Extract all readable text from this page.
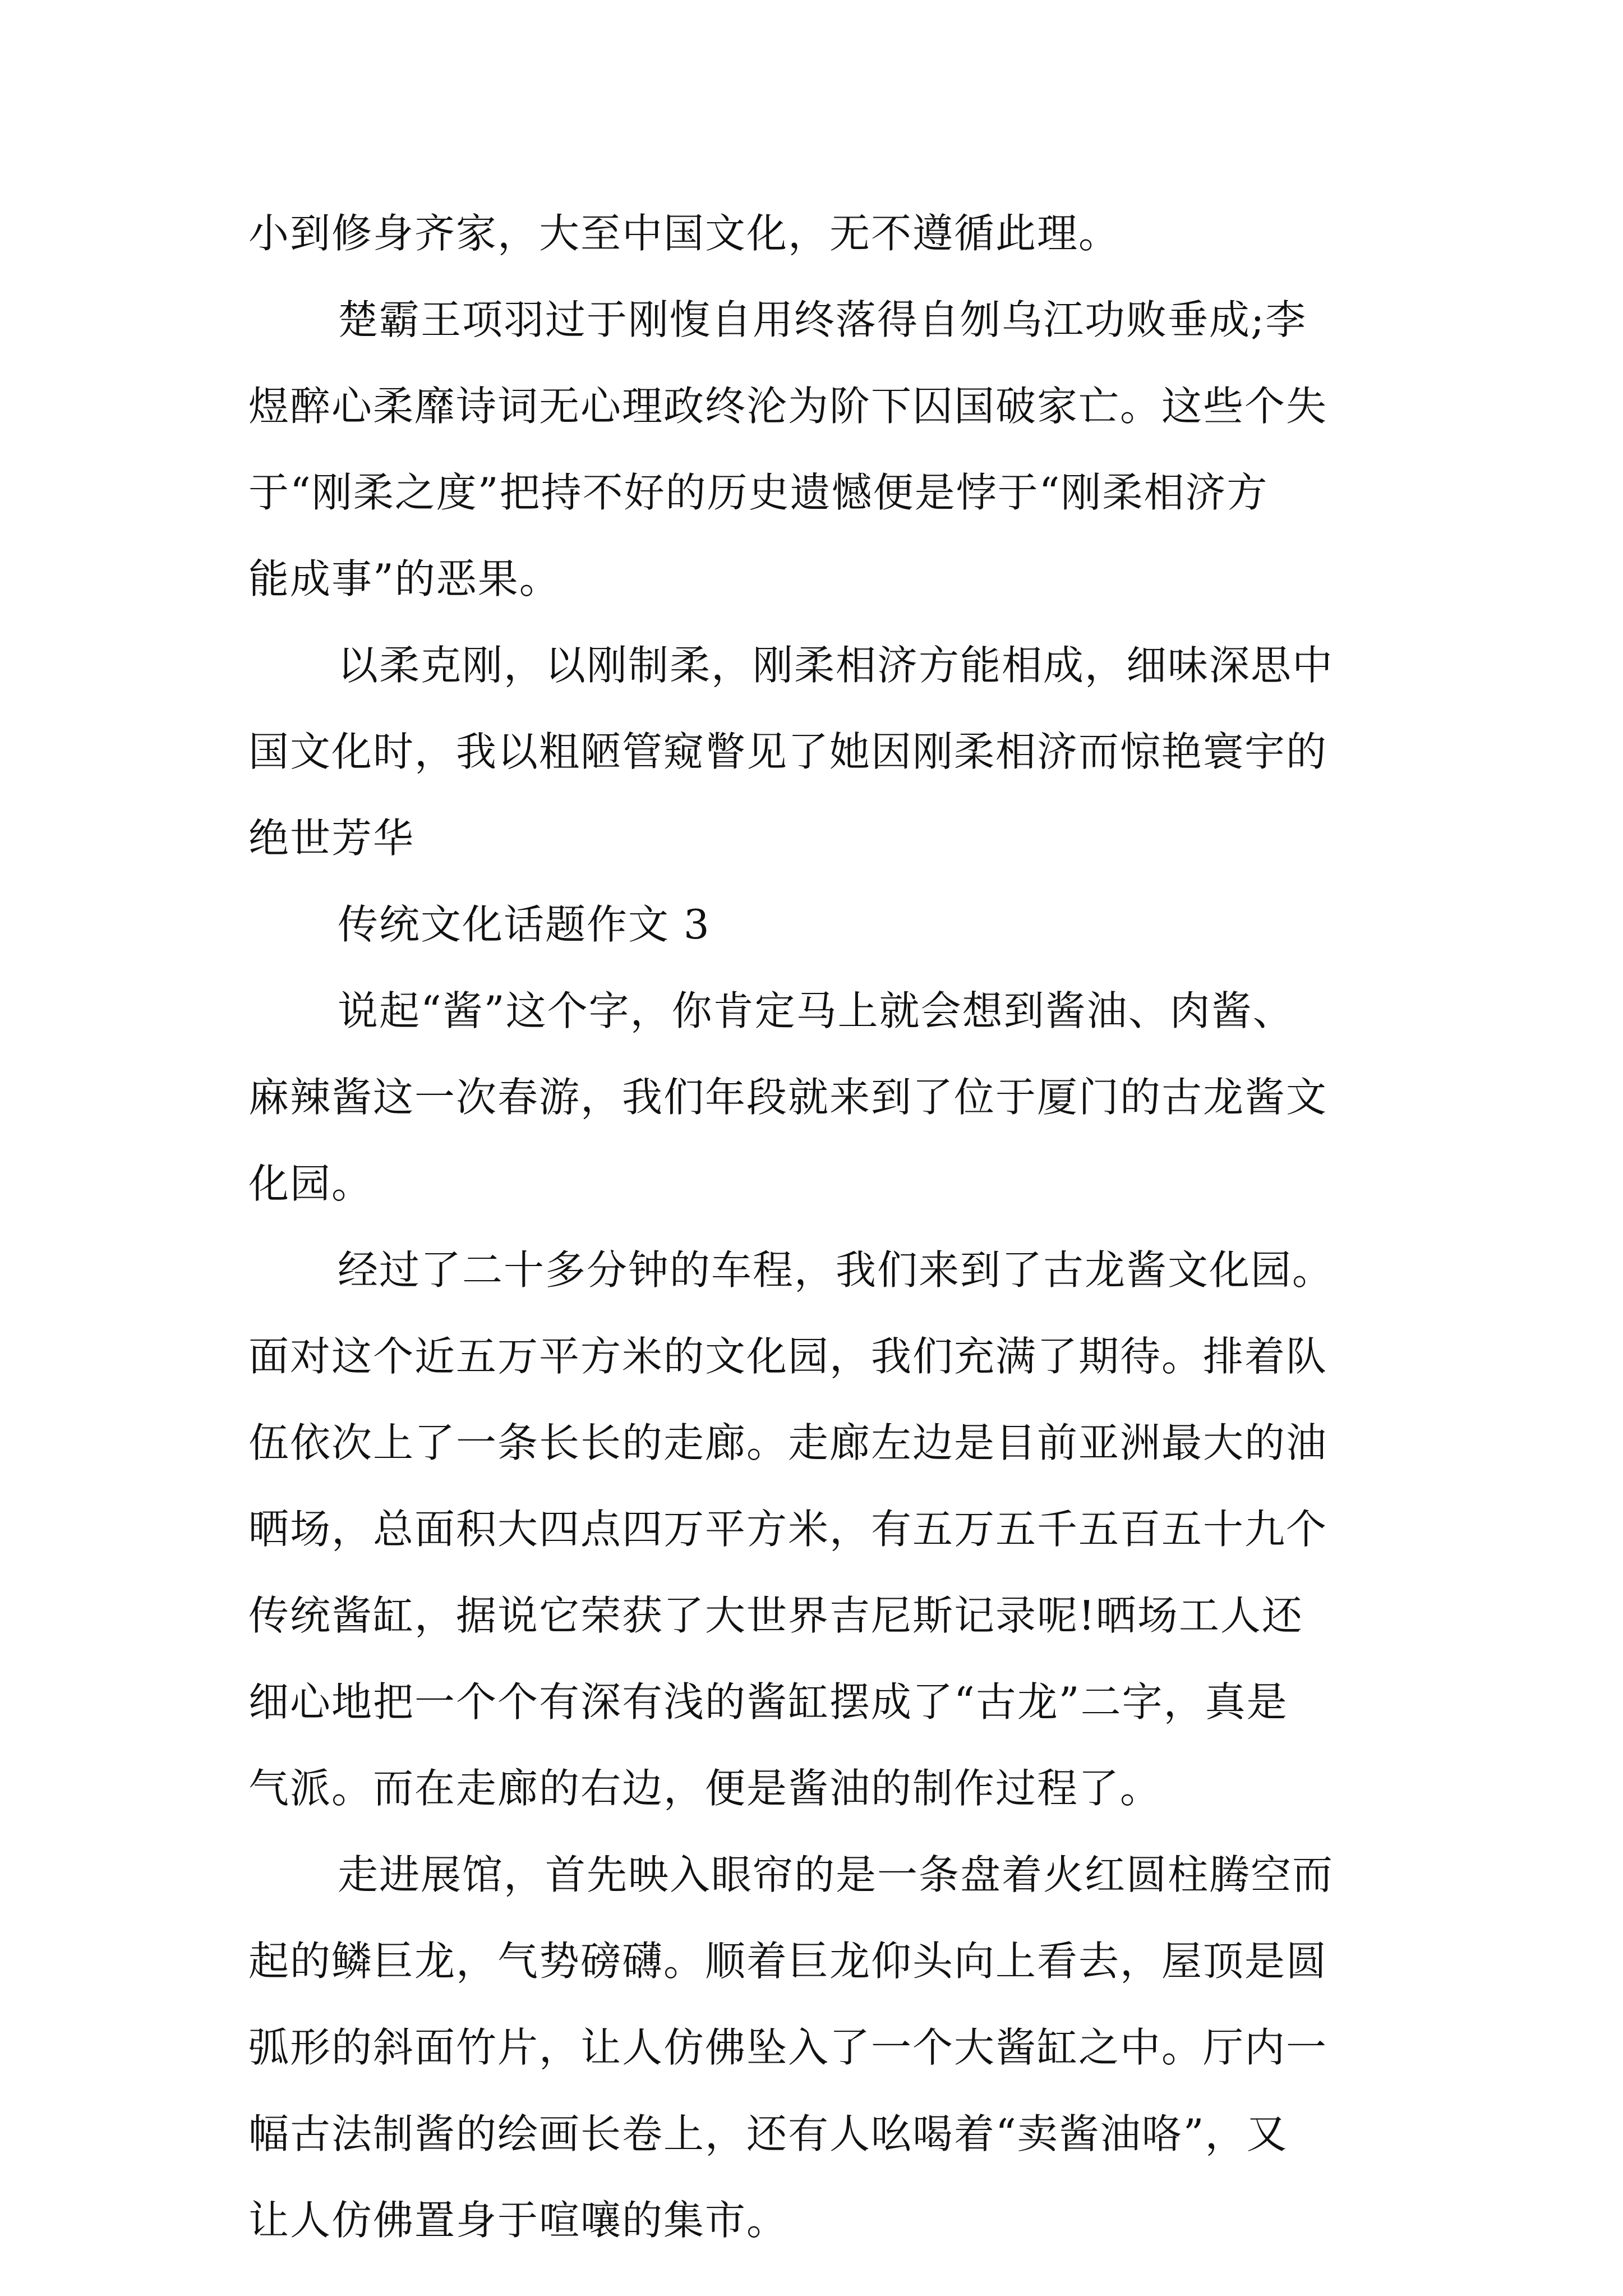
小到修身齐家，大至中国文化，无不遵循此理。
楚霸王项羽过于刚愎自用终落得自刎乌江功败垂成;李
煜醉心柔靡诗词无心理政终沦为阶下囚国破家亡。这些个失
于“刚柔之度”把持不好的历史遗憾便是悖于“刚柔相济方
能成事”的恶果。
以柔克刚，以刚制柔，刚柔相济方能相成，细味深思中
国文化时，我以粗陋管窥瞥见了她因刚柔相济而惊艳寰宇的
绝世芳华
传统文化话题作文 3
说起“酱”这个字，你肯定马上就会想到酱油、肉酱、
麻辣酱这一次春游，我们年段就来到了位于厦门的古龙酱文
化园。
经过了二十多分钟的车程，我们来到了古龙酱文化园。
面对这个近五万平方米的文化园，我们充满了期待。排着队
伍依次上了一条长长的走廊。走廊左边是目前亚洲最大的油
晒场，总面积大四点四万平方米，有五万五千五百五十九个
传统酱缸，据说它荣获了大世界吉尼斯记录呢!晒场工人还
细心地把一个个有深有浅的酱缸摆成了“古龙”二字，真是
气派。而在走廊的右边，便是酱油的制作过程了。
走进展馆，首先映入眼帘的是一条盘着火红圆柱腾空而
起的鳞巨龙，气势磅礴。顺着巨龙仰头向上看去，屋顶是圆
弧形的斜面竹片，让人仿佛坠入了一个大酱缸之中。厅内一
幅古法制酱的绘画长卷上，还有人吆喝着“卖酱油咯”，又
让人仿佛置身于喧嚷的集市。
